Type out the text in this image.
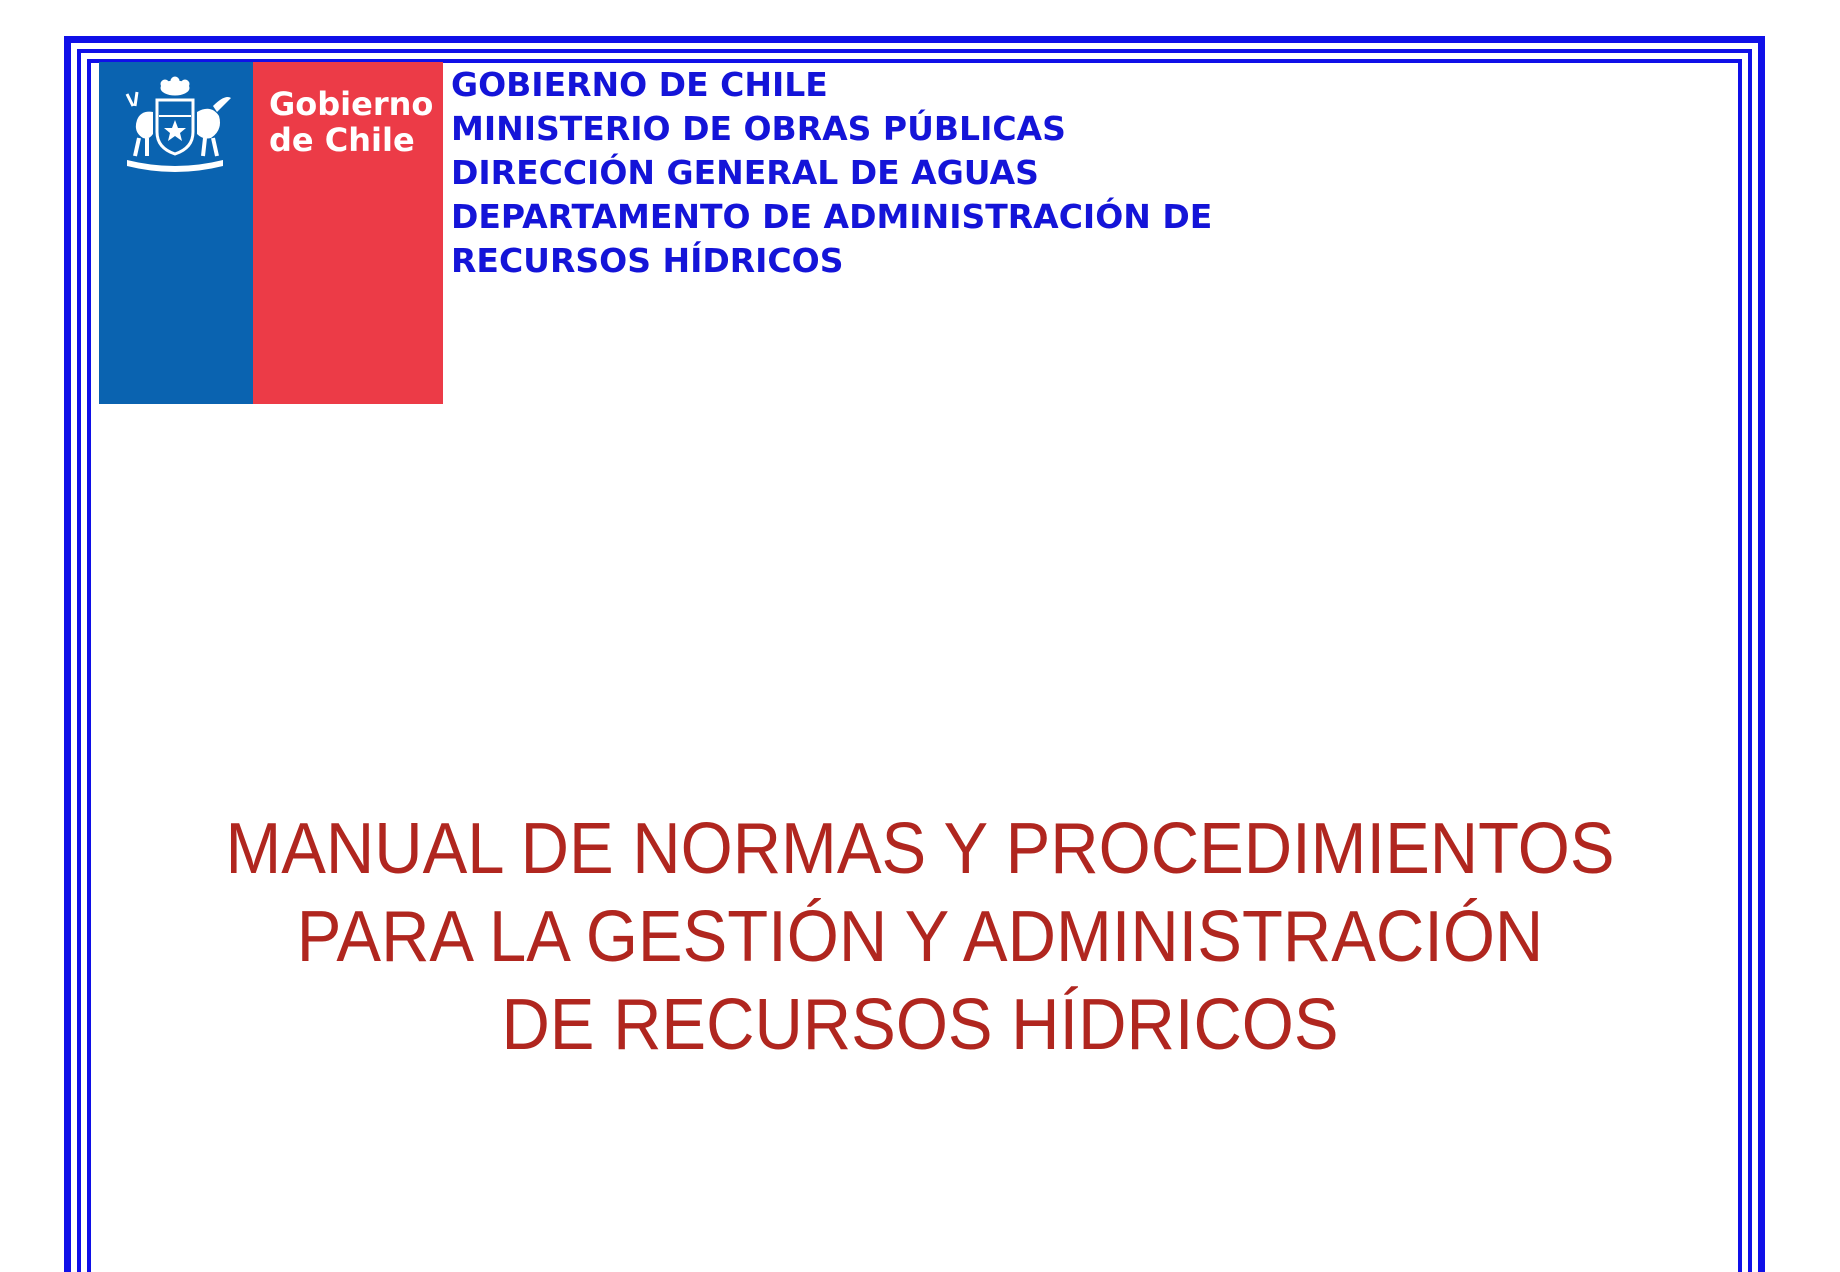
Gobierno
de Chile
GOBIERNO DE CHILE
MINISTERIO DE OBRAS PÚBLICAS
DIRECCIÓN GENERAL DE AGUAS
DEPARTAMENTO DE ADMINISTRACIÓN DE
RECURSOS HÍDRICOS
MANUAL DE NORMAS Y PROCEDIMIENTOS
PARA LA GESTIÓN Y ADMINISTRACIÓN
DE RECURSOS HÍDRICOS
